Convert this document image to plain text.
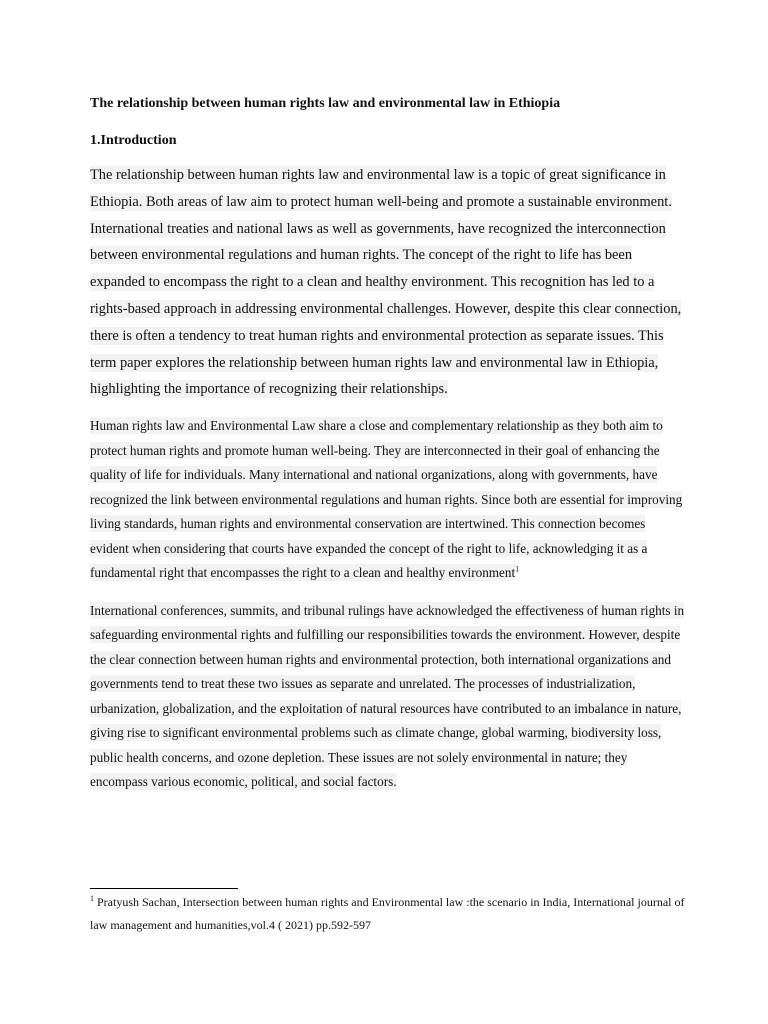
The relationship between human rights law and environmental law in Ethiopia
1.Introduction

The relationship between human rights law and environmental law is a topic of great significance in Ethiopia. Both areas of law aim to protect human well-being and promote a sustainable environment. International treaties and national laws as well as governments, have recognized the interconnection between environmental regulations and human rights. The concept of the right to life has been expanded to encompass the right to a clean and healthy environment. This recognition has led to a rights-based approach in addressing environmental challenges. However, despite this clear connection, there is often a tendency to treat human rights and environmental protection as separate issues. This term paper explores the relationship between human rights law and environmental law in Ethiopia, highlighting the importance of recognizing their relationships.

Human rights law and Environmental Law share a close and complementary relationship as they both aim to protect human rights and promote human well-being. They are interconnected in their goal of enhancing the quality of life for individuals. Many international and national organizations, along with governments, have recognized the link between environmental regulations and human rights. Since both are essential for improving living standards, human rights and environmental conservation are intertwined. This connection becomes evident when considering that courts have expanded the concept of the right to life, acknowledging it as a fundamental right that encompasses the right to a clean and healthy environment$^1$

International conferences, summits, and tribunal rulings have acknowledged the effectiveness of human rights in safeguarding environmental rights and fulfilling our responsibilities towards the environment. However, despite the clear connection between human rights and environmental protection, both international organizations and governments tend to treat these two issues as separate and unrelated. The processes of industrialization, urbanization, globalization, and the exploitation of natural resources have contributed to an imbalance in nature, giving rise to significant environmental problems such as climate change, global warming, biodiversity loss, public health concerns, and ozone depletion. These issues are not solely environmental in nature; they encompass various economic, political, and social factors.

$^1$ Pratyush Sachan, Intersection between human rights and Environmental law :the scenario in India, International journal of law management and humanities,vol.4 ( 2021) pp.592-597
